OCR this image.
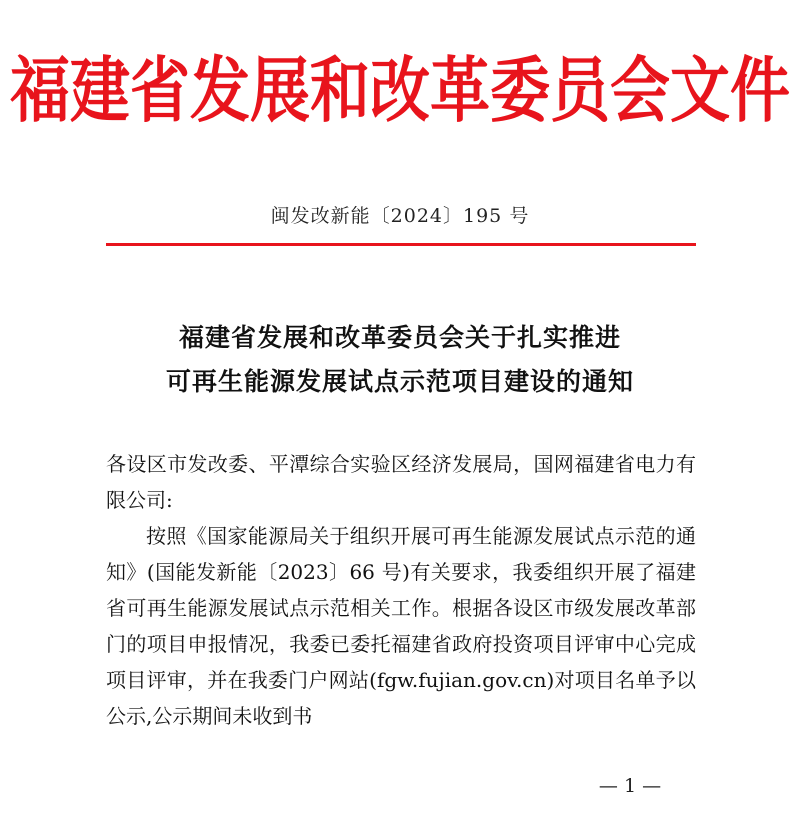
福建省发展和改革委员会文件
闽发改新能〔2024〕195 号
福建省发展和改革委员会关于扎实推进
可再生能源发展试点示范项目建设的通知

各设区市发改委、平潭综合实验区经济发展局，国网福建省电力有限公司:

按照《国家能源局关于组织开展可再生能源发展试点示范的通知》(国能发新能〔2023〕66 号)有关要求，我委组织开展了福建省可再生能源发展试点示范相关工作。根据各设区市级发展改革部门的项目申报情况，我委已委托福建省政府投资项目评审中心完成项目评审，并在我委门户网站(fgw.fujian.gov.cn)对项目名单予以公示,公示期间未收到书

— 1 —
